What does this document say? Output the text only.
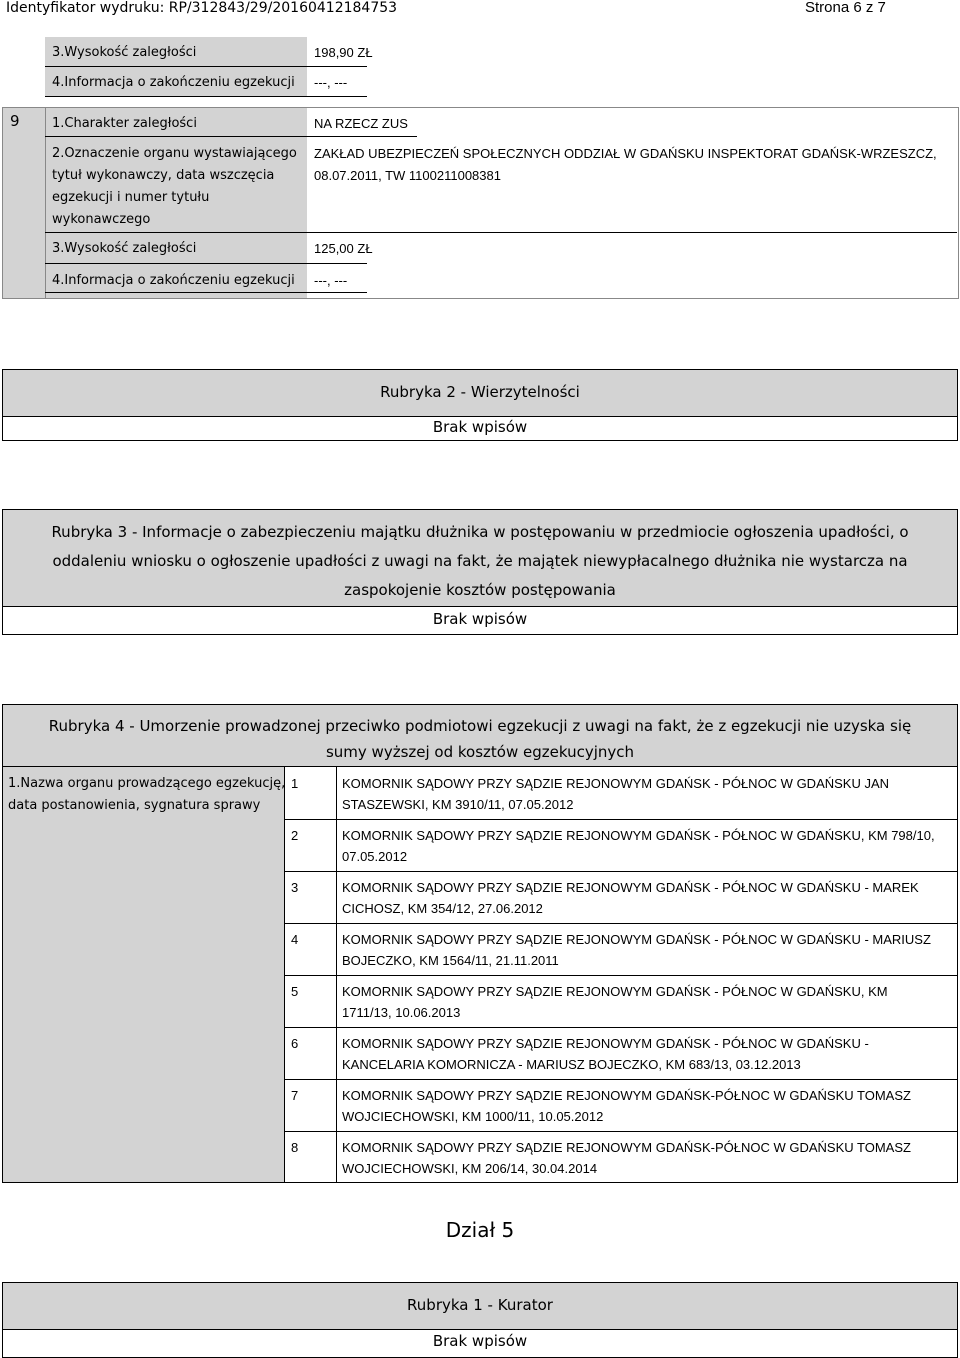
Identyfikator wydruku: RP/312843/29/20160412184753	Strona 6 z 7
3.Wysokość zaległości	198,90 ZŁ
4.Informacja o zakończeniu egzekucji ---, ---
9 1.Charakter zaległości	NA RZECZ ZUS
2.Oznaczenie organu wystawiającego
tytuł wykonawczy, data wszczęcia
egzekucji i numer tytułu
wykonawczego
ZAKŁAD UBEZPIECZEŃ SPOŁECZNYCH ODDZIAŁ W GDAŃSKU INSPEKTORAT GDAŃSK-WRZESZCZ,
08.07.2011, TW 1100211008381
3.Wysokość zaległości	125,00 ZŁ
4.Informacja o zakończeniu egzekucji ---, ---
Rubryka 2 - Wierzytelności
Brak wpisów
Rubryka 3 - Informacje o zabezpieczeniu majątku dłużnika w postępowaniu w przedmiocie ogłoszenia upadłości, o
oddaleniu wniosku o ogłoszenie upadłości z uwagi na fakt, że majątek niewypłacalnego dłużnika nie wystarcza na
zaspokojenie kosztów postępowania
Brak wpisów
Rubryka 4 - Umorzenie prowadzonej przeciwko podmiotowi egzekucji z uwagi na fakt, że z egzekucji nie uzyska się
sumy wyższej od kosztów egzekucyjnych
1.Nazwa organu prowadzącego egzekucję,
data postanowienia, sygnatura sprawy
1	KOMORNIK SĄDOWY PRZY SĄDZIE REJONOWYM GDAŃSK - PÓŁNOC W GDAŃSKU JAN
STASZEWSKI, KM 3910/11, 07.05.2012
2	KOMORNIK SĄDOWY PRZY SĄDZIE REJONOWYM GDAŃSK - PÓŁNOC W GDAŃSKU, KM 798/10,
07.05.2012
3	KOMORNIK SĄDOWY PRZY SĄDZIE REJONOWYM GDAŃSK - PÓŁNOC W GDAŃSKU - MAREK
CICHOSZ, KM 354/12, 27.06.2012
4	KOMORNIK SĄDOWY PRZY SĄDZIE REJONOWYM GDAŃSK - PÓŁNOC W GDAŃSKU - MARIUSZ
BOJECZKO, KM 1564/11, 21.11.2011
5	KOMORNIK SĄDOWY PRZY SĄDZIE REJONOWYM GDAŃSK - PÓŁNOC W GDAŃSKU, KM
1711/13, 10.06.2013
6	KOMORNIK SĄDOWY PRZY SĄDZIE REJONOWYM GDAŃSK - PÓŁNOC W GDAŃSKU -
KANCELARIA KOMORNICZA - MARIUSZ BOJECZKO, KM 683/13, 03.12.2013
7	KOMORNIK SĄDOWY PRZY SĄDZIE REJONOWYM GDAŃSK-PÓŁNOC W GDAŃSKU TOMASZ
WOJCIECHOWSKI, KM 1000/11, 10.05.2012
8	KOMORNIK SĄDOWY PRZY SĄDZIE REJONOWYM GDAŃSK-PÓŁNOC W GDAŃSKU TOMASZ
WOJCIECHOWSKI, KM 206/14, 30.04.2014
Dział 5
Rubryka 1 - Kurator
Brak wpisów
